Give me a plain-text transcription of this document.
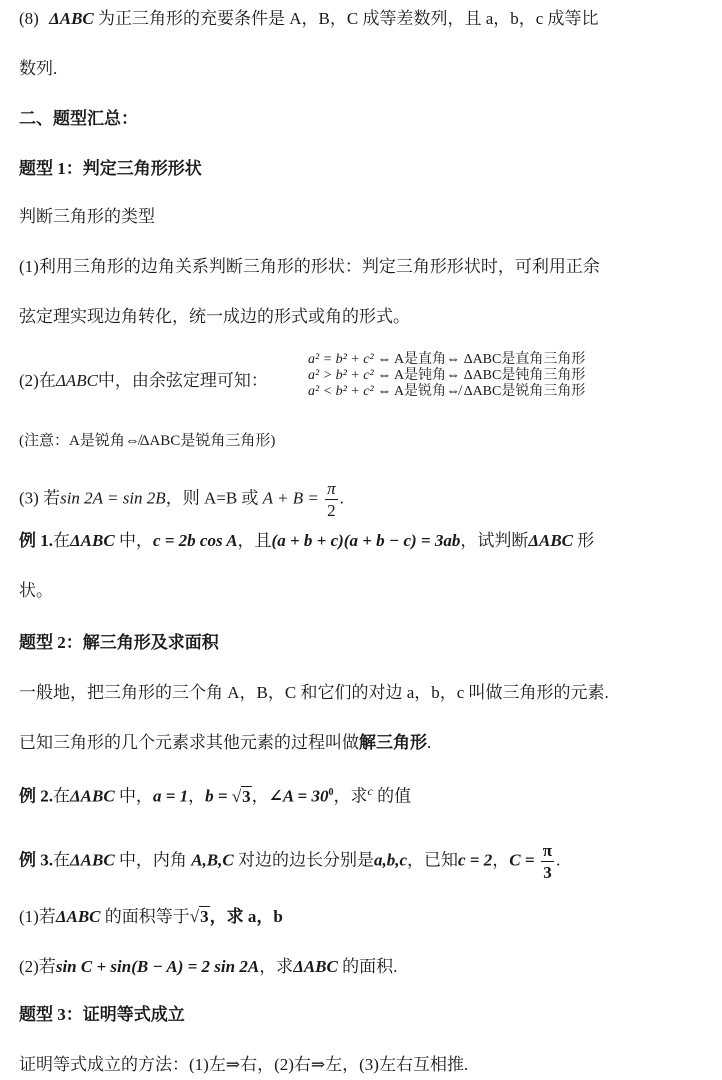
(8) ΔABC 为正三角形的充要条件是 A，B，C 成等差数列，且 a，b，c 成等比
数列.
二、题型汇总：
题型 1：判定三角形形状
判断三角形的类型
(1)利用三角形的边角关系判断三角形的形状：判定三角形形状时，可利用正余
弦定理实现边角转化，统一成边的形式或角的形式。
(2)在ΔABC中，由余弦定理可知：
a² = b² + c² ⇔ A是直角⇔ ΔABC是直角三角形
a² > b² + c² ⇔ A是钝角⇔ ΔABC是钝角三角形
a² < b² + c² ⇔ A是锐角⇎ ΔABC是锐角三角形
(注意：A是锐角⇎ΔABC是锐角三角形)
(3) 若sin 2A = sin 2B，则 A=B 或 $A + B = \frac{\pi}{2}$ .
例 1.在ΔABC 中，c = 2b cos A，且(a + b + c)(a + b − c) = 3ab，试判断ΔABC 形
状。
题型 2：解三角形及求面积
一般地，把三角形的三个角 A，B，C 和它们的对边 a，b，c 叫做三角形的元素.
已知三角形的几个元素求其他元素的过程叫做解三角形.
例 2.在ΔABC 中，a = 1，b = √3，∠A = $30^0$，求$^c$ 的值
例 3.在ΔABC 中，内角 A,B,C 对边的边长分别是a,b,c，已知c = 2，$C = \frac{\pi}{3}$ .
(1)若ΔABC 的面积等于√3，求 a，b
(2)若sin C + sin(B − A) = 2 sin 2A，求ΔABC 的面积.
题型 3：证明等式成立
证明等式成立的方法：(1)左⇒右，(2)右⇒左，(3)左右互相推.
